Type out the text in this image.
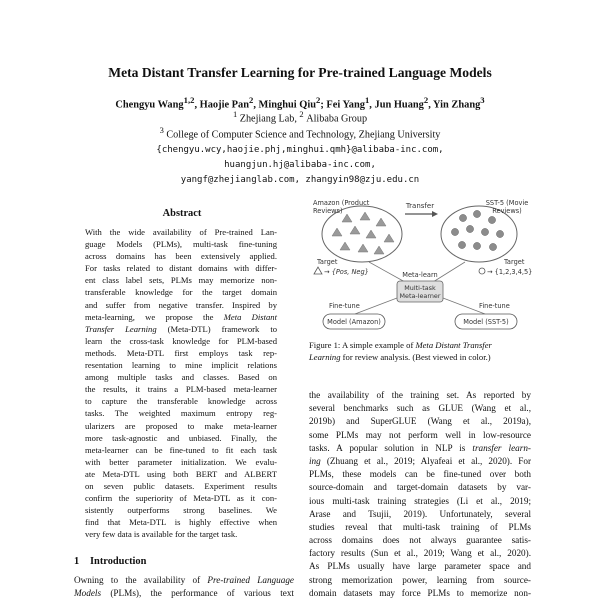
Meta Distant Transfer Learning for Pre-trained Language Models
Chengyu Wang$^{1,2}$, Haojie Pan$^2$, Minghui Qiu$^2$; Fei Yang$^1$, Jun Huang$^2$, Yin Zhang$^3$
$^1$ Zhejiang Lab, $^2$ Alibaba Group
$^3$ College of Computer Science and Technology, Zhejiang University
{chengyu.wcy,haojie.phj,minghui.qmh}@alibaba-inc.com,
huangjun.hj@alibaba-inc.com,
yangf@zhejianglab.com, zhangyin98@zju.edu.cn
Abstract
With the wide availability of Pre-trained Lan-
guage Models (PLMs), multi-task fine-tuning
across domains has been extensively applied.
For tasks related to distant domains with differ-
ent class label sets, PLMs may memorize non-
transferable knowledge for the target domain
and suffer from negative transfer. Inspired by
meta-learning, we propose the Meta Distant
Transfer Learning (Meta-DTL) framework to
learn the cross-task knowledge for PLM-based
methods. Meta-DTL first employs task rep-
resentation learning to mine implicit relations
among multiple tasks and classes. Based on
the results, it trains a PLM-based meta-learner
to capture the transferable knowledge across
tasks. The weighted maximum entropy reg-
ularizers are proposed to make meta-learner
more task-agnostic and unbiased. Finally, the
meta-learner can be fine-tuned to fit each task
with better parameter initialization. We evalu-
ate Meta-DTL using both BERT and ALBERT
on seven public datasets. Experiment results
confirm the superiority of Meta-DTL as it con-
sistently outperforms strong baselines. We
find that Meta-DTL is highly effective when
very few data is available for the target task.
1 Introduction
Owning to the availability of Pre-trained Language
Models (PLMs), the performance of various text
Amazon (Product
Reviews)
SST-5 (Movie
Reviews)
Transfer
Target
→ {Pos, Neg}
Target
→ {1,2,3,4,5}
Meta-learn
Multi-task
Meta-learner
Fine-tune	Fine-tune
Model (Amazon)	Model (SST-5)
Figure 1: A simple example of Meta Distant Transfer
Learning for review analysis. (Best viewed in color.)
the availability of the training set. As reported by
several benchmarks such as GLUE (Wang et al.,
2019b) and SuperGLUE (Wang et al., 2019a),
some PLMs may not perform well in low-resource
tasks. A popular solution in NLP is transfer learn-
ing (Zhuang et al., 2019; Alyafeai et al., 2020). For
PLMs, these models can be fine-tuned over both
source-domain and target-domain datasets by var-
ious multi-task training strategies (Li et al., 2019;
Arase and Tsujii, 2019). Unfortunately, several
studies reveal that multi-task training of PLMs
across domains does not always guarantee satis-
factory results (Sun et al., 2019; Wang et al., 2020).
As PLMs usually have large parameter space and
strong memorization power, learning from source-
domain datasets may force PLMs to memorize non-
